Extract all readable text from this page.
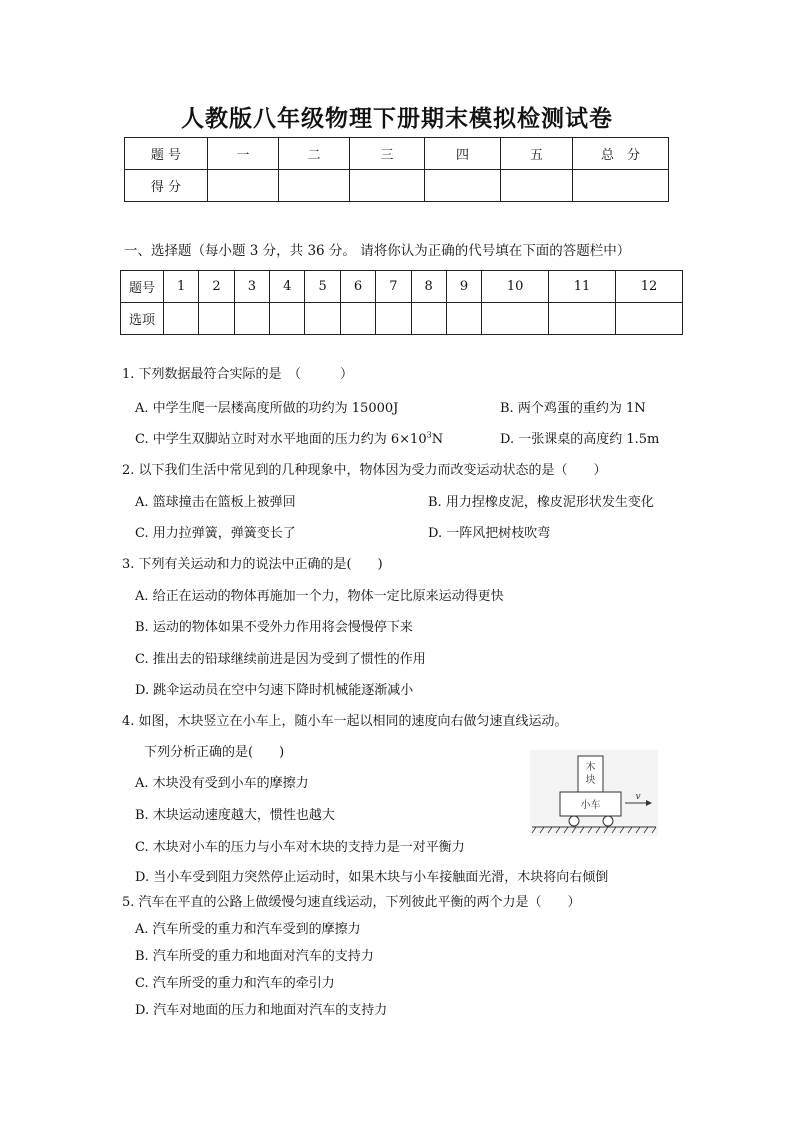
人教版八年级物理下册期末模拟检测试卷
题 号	一	二	三	四	五	总　分
得 分						
一、选择题（每小题 3 分，共 36 分。 请将你认为正确的代号填在下面的答题栏中）
题号	1	2	3	4	5	6	7	8	9	10	11	12
选项												
1. 下列数据最符合实际的是　（　　　）
A. 中学生爬一层楼高度所做的功约为 15000J	B. 两个鸡蛋的重约为 1N
C. 中学生双脚站立时对水平地面的压力约为 $6\times 10^3N$	D. 一张课桌的高度约 1.5m
2. 以下我们生活中常见到的几种现象中，物体因为受力而改变运动状态的是（　　）
A. 篮球撞击在篮板上被弹回	B. 用力捏橡皮泥，橡皮泥形状发生变化
C. 用力拉弹簧，弹簧变长了	D. 一阵风把树枝吹弯
3. 下列有关运动和力的说法中正确的是(　　)
A. 给正在运动的物体再施加一个力，物体一定比原来运动得更快
B. 运动的物体如果不受外力作用将会慢慢停下来
C. 推出去的铅球继续前进是因为受到了惯性的作用
D. 跳伞运动员在空中匀速下降时机械能逐渐减小
4. 如图，木块竖立在小车上，随小车一起以相同的速度向右做匀速直线运动。
下列分析正确的是(　　)
A. 木块没有受到小车的摩擦力
B. 木块运动速度越大，惯性也越大
C. 木块对小车的压力与小车对木块的支持力是一对平衡力
D. 当小车受到阻力突然停止运动时，如果木块与小车接触面光滑，木块将向右倾倒
木
块
小车
v
5. 汽车在平直的公路上做缓慢匀速直线运动，下列彼此平衡的两个力是（　　）
A. 汽车所受的重力和汽车受到的摩擦力
B. 汽车所受的重力和地面对汽车的支持力
C. 汽车所受的重力和汽车的牵引力
D. 汽车对地面的压力和地面对汽车的支持力
